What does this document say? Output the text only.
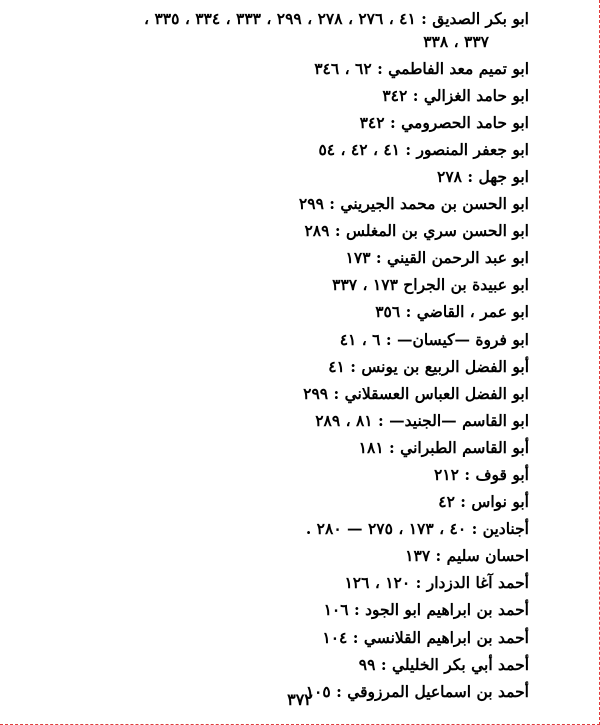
ابو بكر الصديق : ٤١ ، ٢٧٦ ، ٢٧٨ ، ٢٩٩ ، ٣٣٣ ، ٣٣٤ ، ٣٣٥ ،
٣٣٧ ، ٣٣٨
ابو تميم معد الفاطمي : ٦٢ ، ٣٤٦
ابو حامد الغزالي : ٣٤٢
ابو حامد الحصرومي : ٣٤٢
ابو جعفر المنصور : ٤١ ، ٤٢ ، ٥٤
ابو جهل : ٢٧٨
ابو الحسن بن محمد الجيريني : ٢٩٩
ابو الحسن سري بن المغلس : ٢٨٩
ابو عبد الرحمن القيني : ١٧٣
ابو عبيدة بن الجراح ١٧٣ ، ٣٣٧
ابو عمر ، القاضي : ٣٥٦
ابو فروة —كيسان— : ٦ ، ٤١
أبو الفضل الربيع بن يونس : ٤١
ابو الفضل العباس العسقلاني : ٢٩٩
ابو القاسم —الجنيد— : ٨١ ، ٢٨٩
أبو القاسم الطبراني : ١٨١
أبو قوف : ٢١٢
أبو نواس : ٤٢
أجنادين : ٤٠ ، ١٧٣ ، ٢٧٥ — ٢٨٠ .
احسان سليم : ١٣٧
أحمد آغا الدزدار : ١٢٠ ، ١٢٦
أحمد بن ابراهيم ابو الجود : ١٠٦
أحمد بن ابراهيم القلانسي : ١٠٤
أحمد أبي بكر الخليلي : ٩٩
أحمد بن اسماعيل المرزوقي : ١٠٥
٣٧٢
